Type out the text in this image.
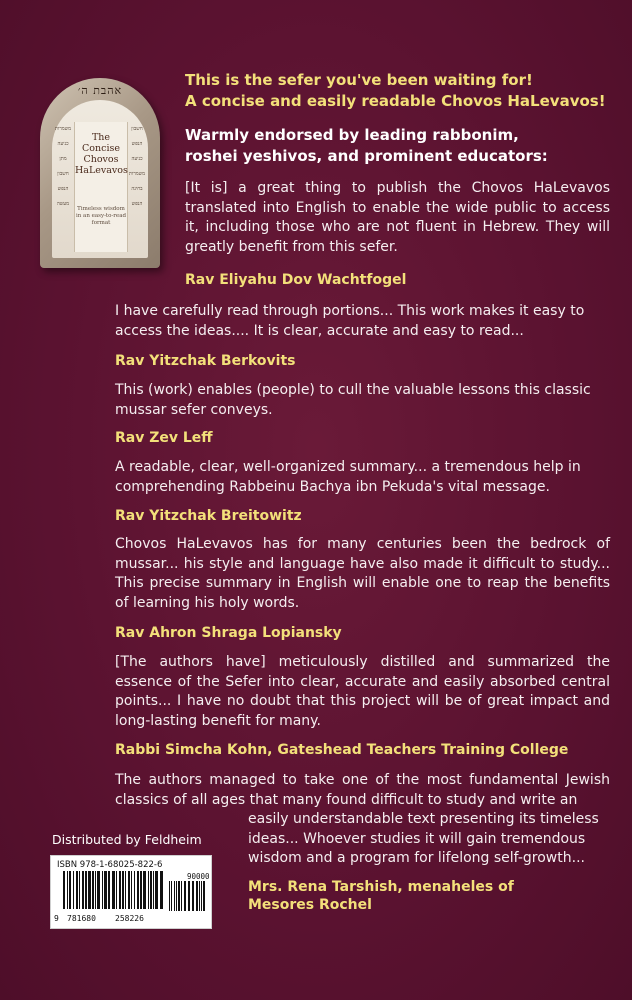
אהבת ה׳
משמרות
כניעה
מתן
חשבון
הנפש
מעשה
The
Concise
Chovos
HaLevavos
Timeless wisdom
in an easy-to-read
format
חשבון
הנפש
כניעה
משמרות
בחינה
הנפש

This is the sefer you've been waiting for!

A concise and easily readable Chovos HaLevavos!

Warmly endorsed by leading rabbonim,
roshei yeshivos, and prominent educators:

[It is] a great thing to publish the Chovos HaLevavos translated into English to enable the wide public to access it, including those who are not fluent in Hebrew. They will greatly benefit from this sefer.

Rav Eliyahu Dov Wachtfogel

I have carefully read through portions... This work makes it easy to access the ideas.... It is clear, accurate and easy to read...

Rav Yitzchak Berkovits

This (work) enables (people) to cull the valuable lessons this classic mussar sefer conveys.

Rav Zev Leff

A readable, clear, well-organized summary... a tremendous help in comprehending Rabbeinu Bachya ibn Pekuda's vital message.

Rav Yitzchak Breitowitz

Chovos HaLevavos has for many centuries been the bedrock of mussar... his style and language have also made it difficult to study... This precise summary in English will enable one to reap the benefits of learning his holy words.

Rav Ahron Shraga Lopiansky

[The authors have] meticulously distilled and summarized the essence of the Sefer into clear, accurate and easily absorbed central points... I have no doubt that this project will be of great impact and long-lasting benefit for many.

Rabbi Simcha Kohn, Gateshead Teachers Training College

The authors managed to take one of the most fundamental Jewish classics of all ages that many found difficult to study and write an

easily understandable text presenting its timeless ideas... Whoever studies it will gain tremendous wisdom and a program for lifelong self-growth...

Mrs. Rena Tarshish, menaheles of
Mesores Rochel
Distributed by Feldheim
ISBN 978-1-68025-822-6
90000
9 781680 258226
